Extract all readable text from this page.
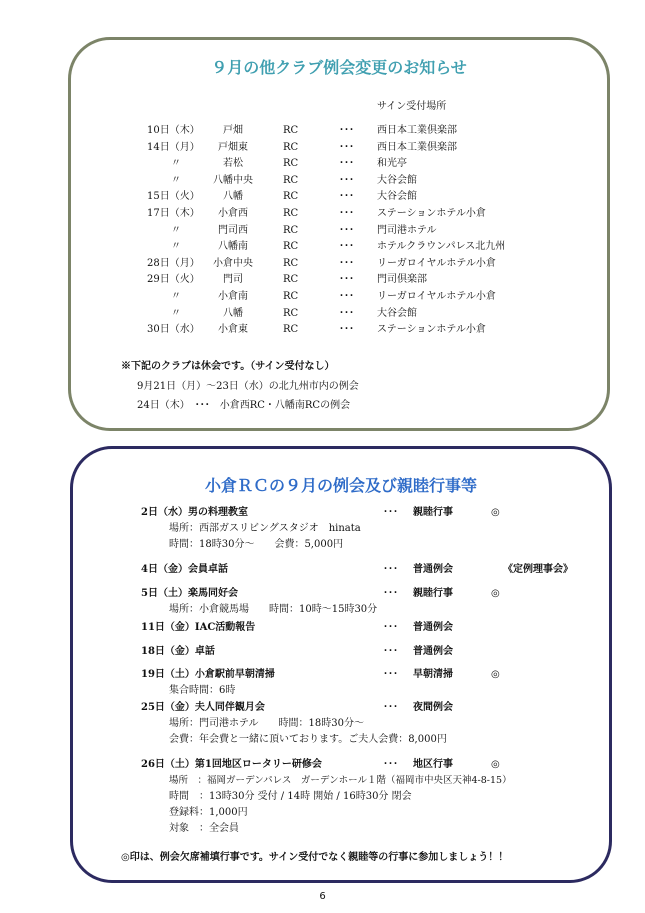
９月の他クラブ例会変更のお知らせ
サイン受付場所
10日（木）	戸畑	RC	･･･ 西日本工業倶楽部
14日（月）	戸畑東	RC	･･･ 西日本工業倶楽部
〃	若松	RC	･･･ 和光亭
〃	八幡中央	RC	･･･ 大谷会館
15日（火）	八幡	RC	･･･ 大谷会館
17日（木）	小倉西	RC	･･･ ステーションホテル小倉
〃	門司西	RC	･･･ 門司港ホテル
〃	八幡南	RC	･･･ ホテルクラウンパレス北九州
28日（月）	小倉中央	RC	･･･ リーガロイヤルホテル小倉
29日（火）	門司	RC	･･･ 門司倶楽部
〃	小倉南	RC	･･･ リーガロイヤルホテル小倉
〃	八幡	RC	･･･ 大谷会館
30日（水）	小倉東	RC	･･･ ステーションホテル小倉
※下記のクラブは休会です。（サイン受付なし）
9月21日（月）～23日（水）の北九州市内の例会
24日（木）　･･･　小倉西RC・八幡南RCの例会
小倉ＲＣの９月の例会及び親睦行事等
2日（水）男の料理教室	･･･ 親睦行事	◎
場所：西部ガスリビングスタジオ　hinata
時間：18時30分～　　会費：5,000円
4日（金）会員卓話	･･･ 普通例会	《定例理事会》
5日（土）楽馬同好会	･･･ 親睦行事	◎
場所：小倉競馬場　　時間：10時～15時30分
11日（金）IAC活動報告	･･･ 普通例会
18日（金）卓話	･･･ 普通例会
19日（土）小倉駅前早朝清掃	･･･ 早朝清掃	◎
集合時間：6時
25日（金）夫人同伴観月会	･･･ 夜間例会
場所：門司港ホテル　　時間：18時30分～
会費：年会費と一緒に頂いております。ご夫人会費：8,000円
26日（土）第1回地区ロータリー研修会	･･･ 地区行事	◎
場所　：福岡ガーデンパレス　ガーデンホール１階（福岡市中央区天神4-8-15）
時間　：13時30分 受付 / 14時 開始 / 16時30分 閉会
登録料：1,000円
対象　：全会員
◎印は、例会欠席補填行事です。サイン受付でなく親睦等の行事に参加しましょう！！
6
